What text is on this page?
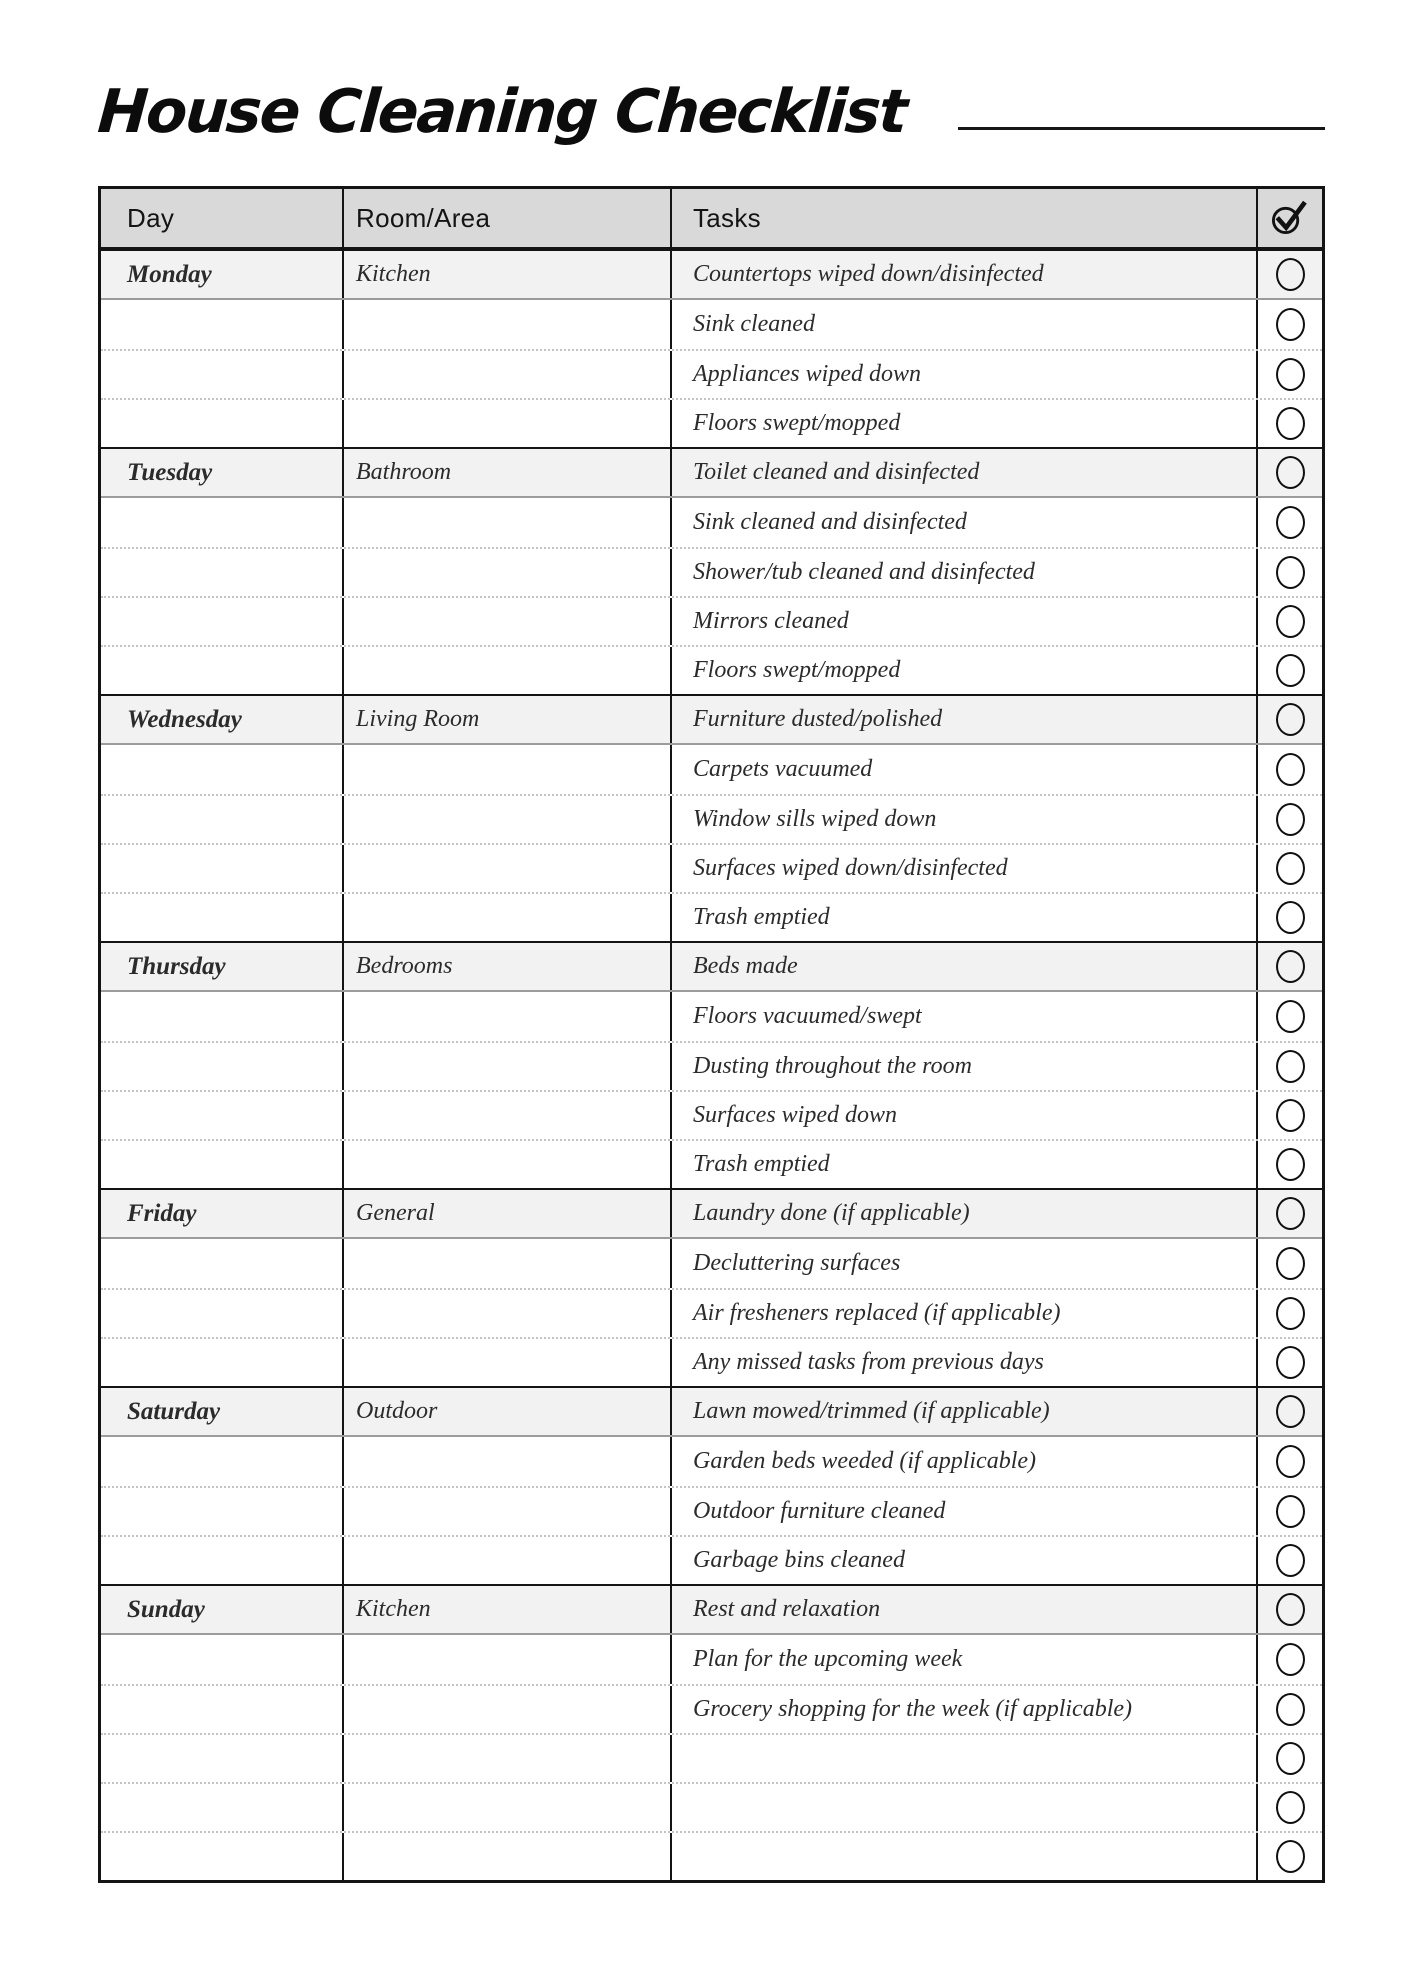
House Cleaning Checklist
Day	Room/Area	Tasks
Monday	Kitchen	Countertops wiped down/disinfected
Sink cleaned
Appliances wiped down
Floors swept/mopped
Tuesday	Bathroom	Toilet cleaned and disinfected
Sink cleaned and disinfected
Shower/tub cleaned and disinfected
Mirrors cleaned
Floors swept/mopped
Wednesday	Living Room	Furniture dusted/polished
Carpets vacuumed
Window sills wiped down
Surfaces wiped down/disinfected
Trash emptied
Thursday	Bedrooms	Beds made
Floors vacuumed/swept
Dusting throughout the room
Surfaces wiped down
Trash emptied
Friday	General	Laundry done (if applicable)
Decluttering surfaces
Air fresheners replaced (if applicable)
Any missed tasks from previous days
Saturday	Outdoor	Lawn mowed/trimmed (if applicable)
Garden beds weeded (if applicable)
Outdoor furniture cleaned
Garbage bins cleaned
Sunday	Kitchen	Rest and relaxation
Plan for the upcoming week
Grocery shopping for the week (if applicable)
